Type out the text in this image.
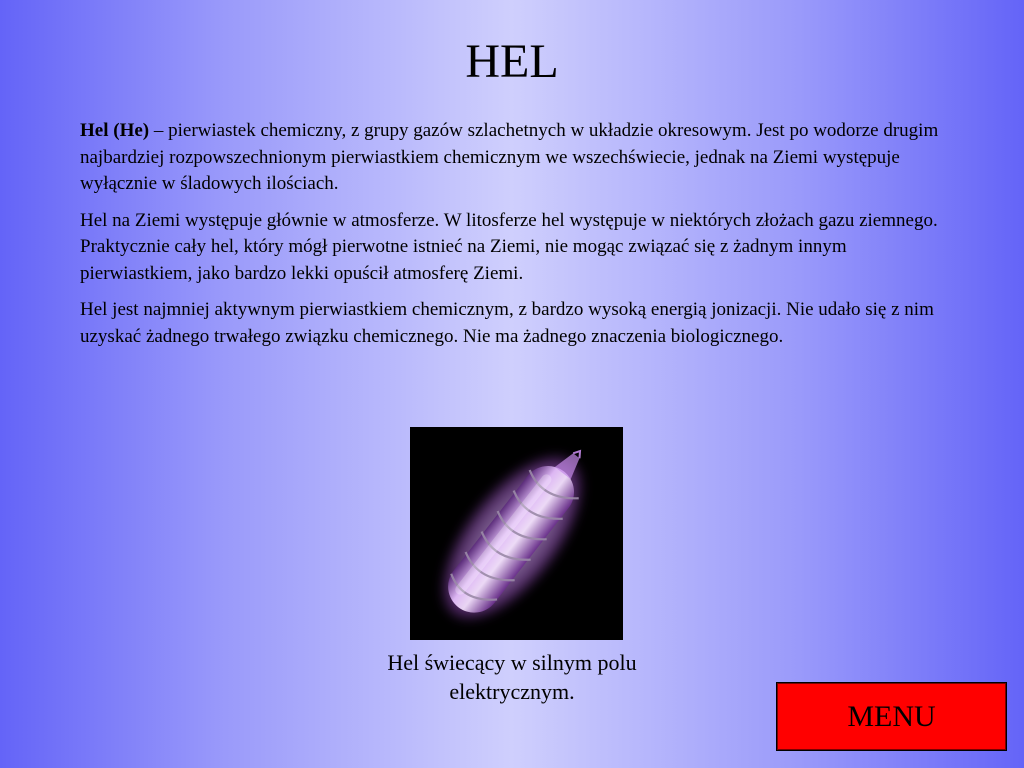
HEL

Hel (He) – pierwiastek chemiczny, z grupy gazów szlachetnych w układzie okresowym. Jest po wodorze drugim najbardziej rozpowszechnionym pierwiastkiem chemicznym we wszechświecie, jednak na Ziemi występuje wyłącznie w śladowych ilościach.

Hel na Ziemi występuje głównie w atmosferze. W litosferze hel występuje w niektórych złożach gazu ziemnego. Praktycznie cały hel, który mógł pierwotne istnieć na Ziemi, nie mogąc związać się z żadnym innym pierwiastkiem, jako bardzo lekki opuścił atmosferę Ziemi.

Hel jest najmniej aktywnym pierwiastkiem chemicznym, z bardzo wysoką energią jonizacji. Nie udało się z nim uzyskać żadnego trwałego związku chemicznego. Nie ma żadnego znaczenia biologicznego.

Hel świecący w silnym polu elektrycznym.
MENU
